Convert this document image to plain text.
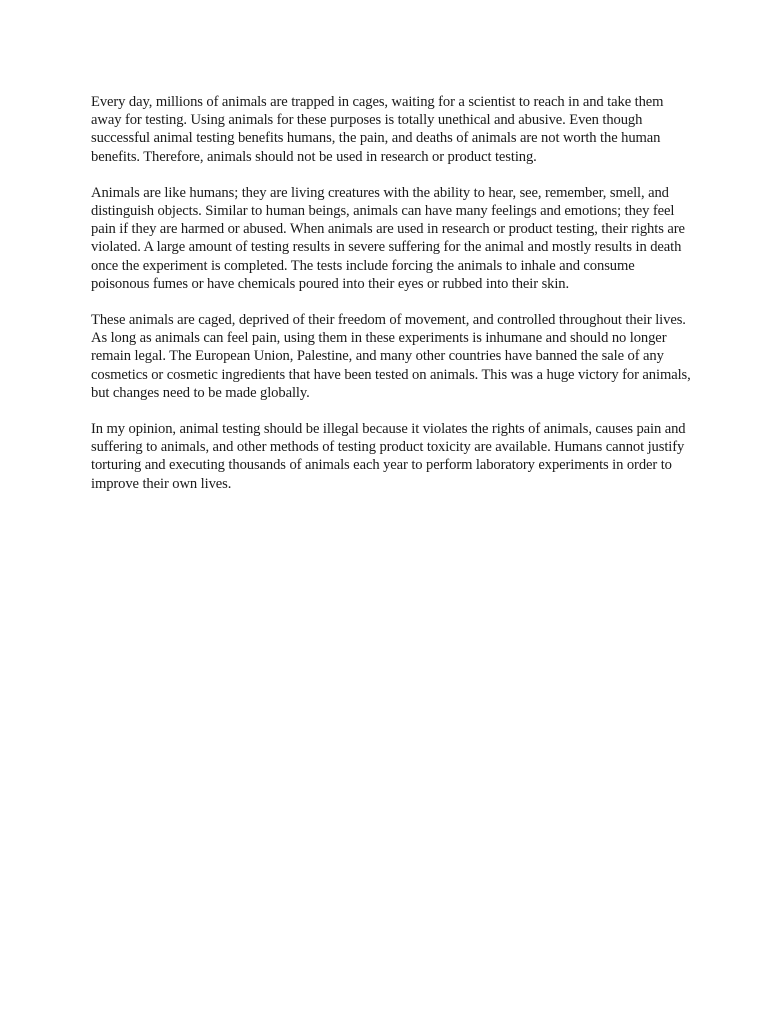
Every day, millions of animals are trapped in cages, waiting for a scientist to reach in and take them away for testing. Using animals for these purposes is totally unethical and abusive. Even though successful animal testing benefits humans, the pain, and deaths of animals are not worth the human benefits. Therefore, animals should not be used in research or product testing.

Animals are like humans; they are living creatures with the ability to hear, see, remember, smell, and distinguish objects. Similar to human beings, animals can have many feelings and emotions; they feel pain if they are harmed or abused. When animals are used in research or product testing, their rights are violated. A large amount of testing results in severe suffering for the animal and mostly results in death once the experiment is completed. The tests include forcing the animals to inhale and consume poisonous fumes or have chemicals poured into their eyes or rubbed into their skin.

These animals are caged, deprived of their freedom of movement, and controlled throughout their lives. As long as animals can feel pain, using them in these experiments is inhumane and should no longer remain legal. The European Union, Palestine, and many other countries have banned the sale of any cosmetics or cosmetic ingredients that have been tested on animals. This was a huge victory for animals, but changes need to be made globally.

In my opinion, animal testing should be illegal because it violates the rights of animals, causes pain and suffering to animals, and other methods of testing product toxicity are available. Humans cannot justify torturing and executing thousands of animals each year to perform laboratory experiments in order to improve their own lives.
